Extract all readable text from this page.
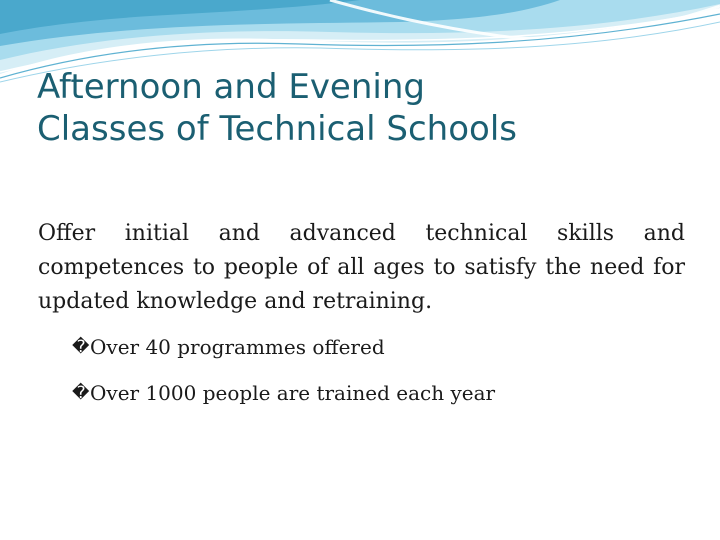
Afternoon and Evening
Classes of Technical Schools

Offer initial and advanced technical skills and competences to people of all ages to satisfy the need for updated knowledge and retraining.

� Over 40 programmes offered
� Over 1000 people are trained each year
